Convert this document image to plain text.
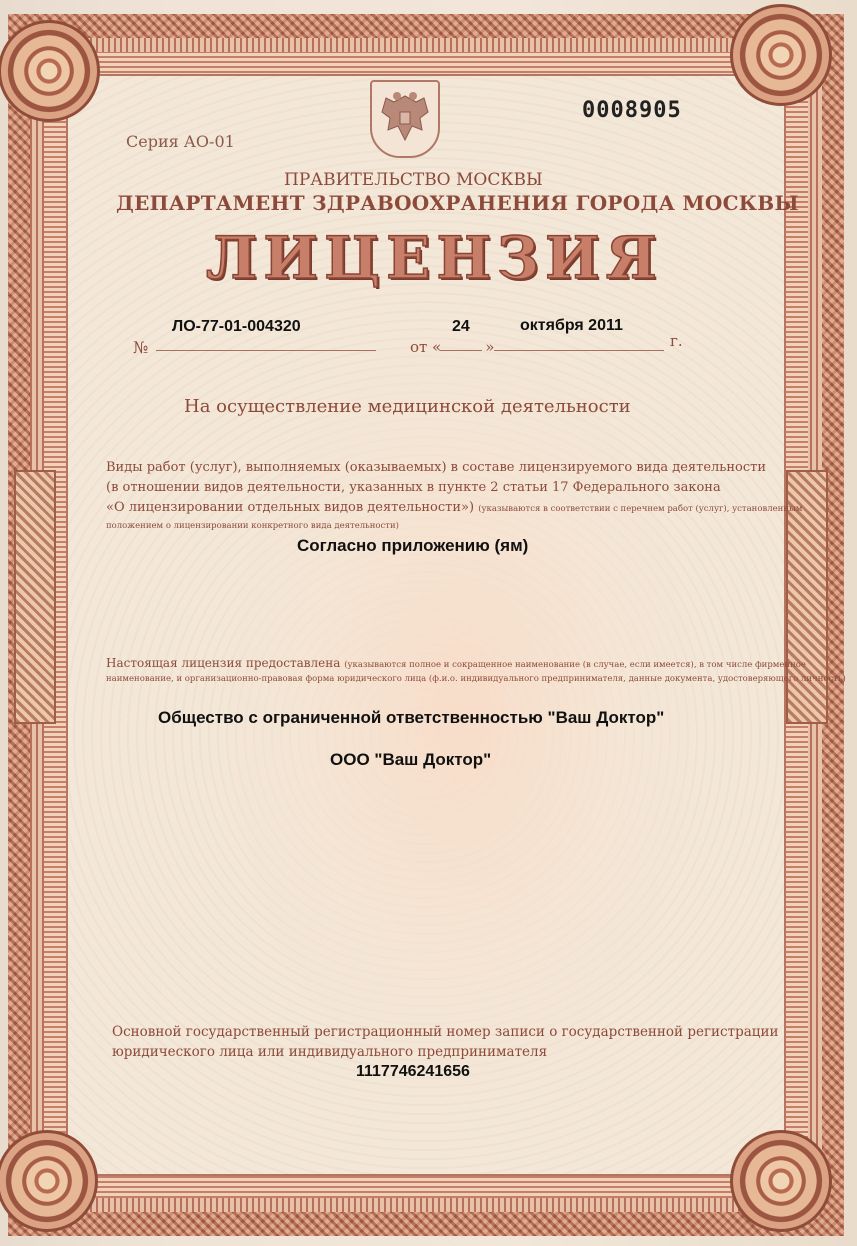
0008905
Серия АО-01
ПРАВИТЕЛЬСТВО МОСКВЫ
ДЕПАРТАМЕНТ ЗДРАВООХРАНЕНИЯ ГОРОДА МОСКВЫ
ЛИЦЕНЗИЯ
№
ЛО-77-01-004320
от «	»
24	октября 2011
г.
На осуществление медицинской деятельности
Виды работ (услуг), выполняемых (оказываемых) в составе лицензируемого вида деятельности
(в отношении видов деятельности, указанных в пункте 2 статьи 17 Федерального закона
«О лицензировании отдельных видов деятельности») (указываются в соответствии с перечнем работ (услуг), установленным
положением о лицензировании конкретного вида деятельности)
Согласно приложению (ям)
Настоящая лицензия предоставлена (указываются полное и сокращенное наименование (в случае, если имеется), в том числе фирменное
наименование, и организационно-правовая форма юридического лица (ф.и.о. индивидуального предпринимателя, данные документа, удостоверяющего личность)
Общество с ограниченной ответственностью "Ваш Доктор"
ООО "Ваш Доктор"
Основной государственный регистрационный номер записи о государственной регистрации
юридического лица или индивидуального предпринимателя
1117746241656
